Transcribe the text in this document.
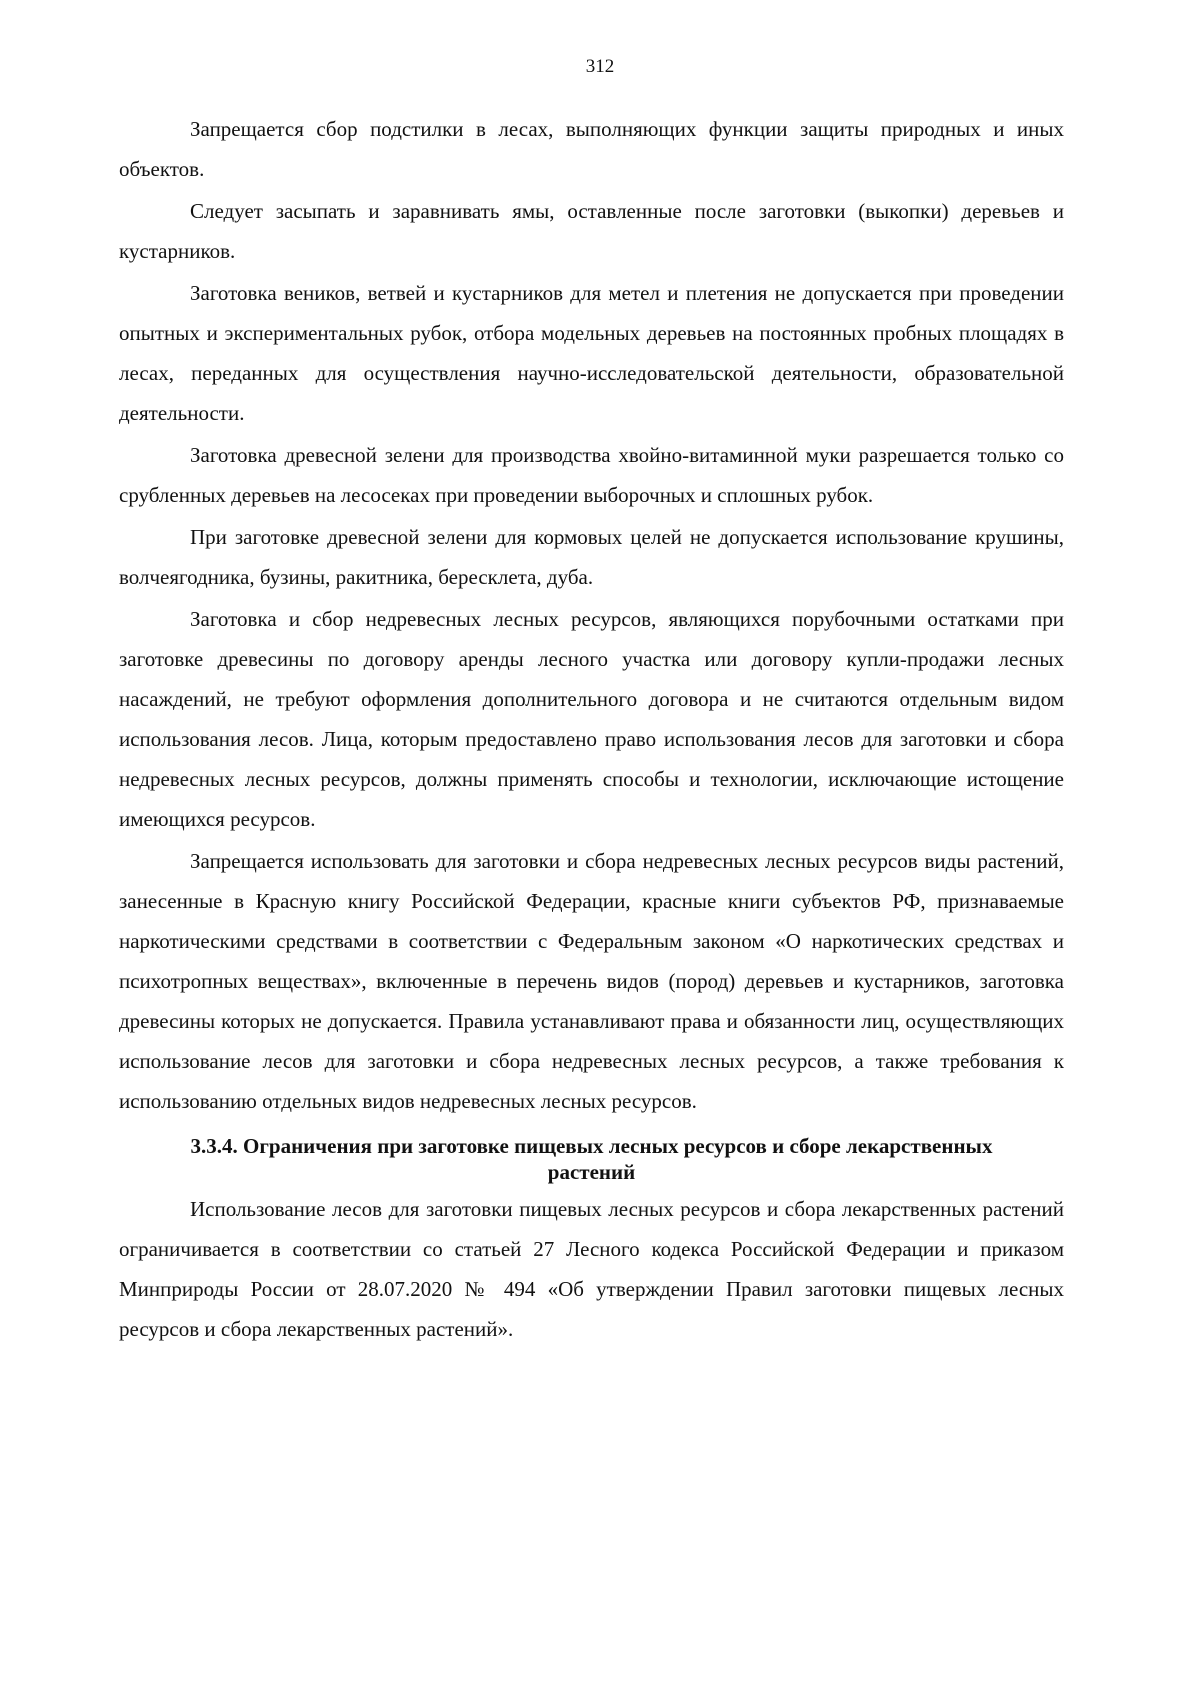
312

Запрещается сбор подстилки в лесах, выполняющих функции защиты природных и иных объектов.

Следует засыпать и заравнивать ямы, оставленные после заготовки (выкопки) деревьев и кустарников.

Заготовка веников, ветвей и кустарников для метел и плетения не допускается при проведении опытных и экспериментальных рубок, отбора модельных деревьев на постоянных пробных площадях в лесах, переданных для осуществления научно-исследовательской деятельности, образовательной деятельности.

Заготовка древесной зелени для производства хвойно-витаминной муки разрешается только со срубленных деревьев на лесосеках при проведении выборочных и сплошных рубок.

При заготовке древесной зелени для кормовых целей не допускается использование крушины, волчеягодника, бузины, ракитника, бересклета, дуба.

Заготовка и сбор недревесных лесных ресурсов, являющихся порубочными остатками при заготовке древесины по договору аренды лесного участка или договору купли-продажи лесных насаждений, не требуют оформления дополнительного договора и не считаются отдельным видом использования лесов. Лица, которым предоставлено право использования лесов для заготовки и сбора недревесных лесных ресурсов, должны применять способы и технологии, исключающие истощение имеющихся ресурсов.

Запрещается использовать для заготовки и сбора недревесных лесных ресурсов виды растений, занесенные в Красную книгу Российской Федерации, красные книги субъектов РФ, признаваемые наркотическими средствами в соответствии с Федеральным законом «О наркотических средствах и психотропных веществах», включенные в перечень видов (пород) деревьев и кустарников, заготовка древесины которых не допускается. Правила устанавливают права и обязанности лиц, осуществляющих использование лесов для заготовки и сбора недревесных лесных ресурсов, а также требования к использованию отдельных видов недревесных лесных ресурсов.

3.3.4. Ограничения при заготовке пищевых лесных ресурсов и сборе лекарственных растений

Использование лесов для заготовки пищевых лесных ресурсов и сбора лекарственных растений ограничивается в соответствии со статьей 27 Лесного кодекса Российской Федерации и приказом Минприроды России от 28.07.2020 № 494 «Об утверждении Правил заготовки пищевых лесных ресурсов и сбора лекарственных растений».
